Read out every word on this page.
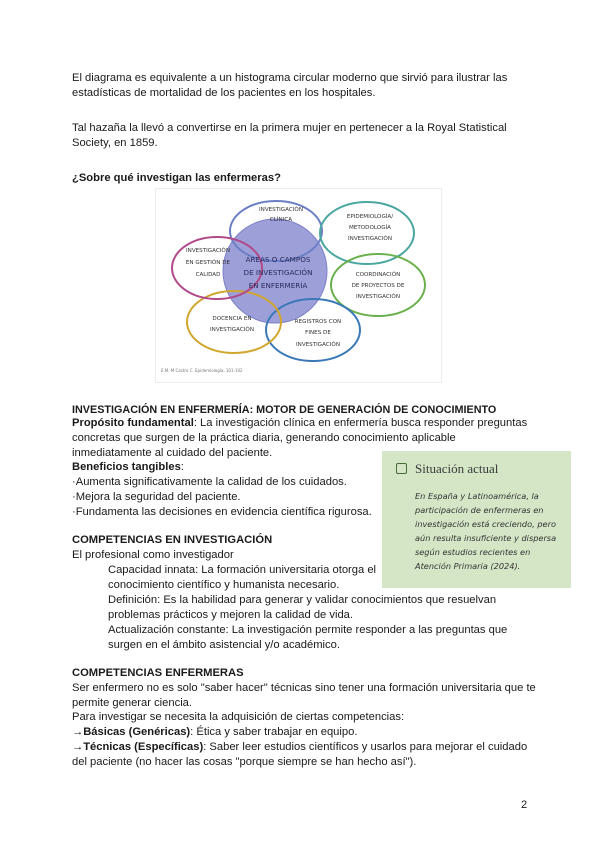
El diagrama es equivalente a un histograma circular moderno que sirvió para ilustrar las estadísticas de mortalidad de los pacientes en los hospitales.

Tal hazaña la llevó a convertirse en la primera mujer en pertenecer a la Royal Statistical Society, en 1859.

¿Sobre qué investigan las enfermeras?

ÁREAS O CAMPOS
DE INVESTIGACIÓN
EN ENFERMERÍA
INVESTIGACIÓN
CLÍNICA	EPIDEMIOLOGÍA/
METODOLOGÍA
INVESTIGACIÓN
COORDINACIÓN
DE PROYECTOS DE
INVESTIGACIÓN
REGISTROS CON
FINES DE
INVESTIGACIÓN
DOCENCIA EN
INVESTIGACIÓN
INVESTIGACIÓN
EN GESTIÓN DE
CALIDAD
E.M. M Castro C. Epidemiología, 101-102

INVESTIGACIÓN EN ENFERMERÍA: MOTOR DE GENERACIÓN DE CONOCIMIENTO

Propósito fundamental: La investigación clínica en enfermería busca responder preguntas concretas que surgen de la práctica diaria, generando conocimiento aplicable inmediatamente al cuidado del paciente.

Beneficios tangibles:

·Aumenta significativamente la calidad de los cuidados.

·Mejora la seguridad del paciente.

·Fundamenta las decisiones en evidencia científica rigurosa.

Situación actual
En España y Latinoamérica, la participación de enfermeras en investigación está creciendo, pero aún resulta insuficiente y dispersa según estudios recientes en Atención Primaria (2024).

COMPETENCIAS EN INVESTIGACIÓN

El profesional como investigador

Capacidad innata: La formación universitaria otorga el conocimiento científico y humanista necesario.

Definición: Es la habilidad para generar y validar conocimientos que resuelvan problemas prácticos y mejoren la calidad de vida.

Actualización constante: La investigación permite responder a las preguntas que surgen en el ámbito asistencial y/o académico.

COMPETENCIAS ENFERMERAS

Ser enfermero no es solo "saber hacer" técnicas sino tener una formación universitaria que te permite generar ciencia.

Para investigar se necesita la adquisición de ciertas competencias:

→Básicas (Genéricas): Ética y saber trabajar en equipo.

→Técnicas (Específicas): Saber leer estudios científicos y usarlos para mejorar el cuidado del paciente (no hacer las cosas "porque siempre se han hecho así").

2
